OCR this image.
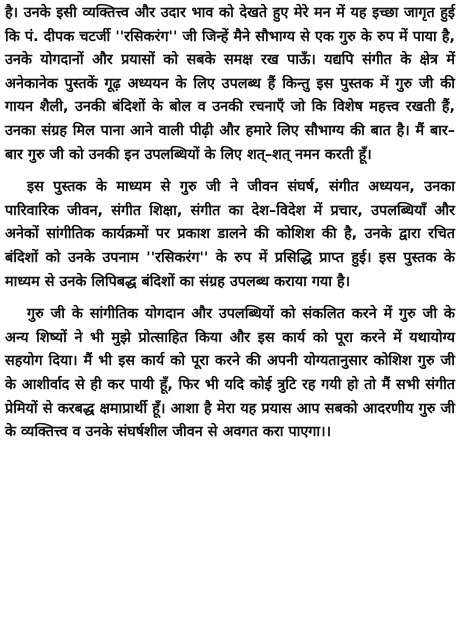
है। उनके इसी व्यक्तित्त्व और उदार भाव को देखते हुए मेरे मन में यह इच्छा जागृत हुई कि पं. दीपक चटर्जी ''रसिकरंग'' जी जिन्हें मैने सौभाग्य से एक गुरु के रुप में पाया है, उनके योगदानों और प्रयासों को सबके समक्ष रख पाऊँ। यद्यपि संगीत के क्षेत्र में अनेकानेक पुस्तकें गूढ़ अध्ययन के लिए उपलब्ध हैं किन्तु इस पुस्तक में गुरु जी की गायन शैली, उनकी बंदिशों के बोल व उनकी रचनाएँ जो कि विशेष महत्त्व रखती हैं, उनका संग्रह मिल पाना आने वाली पीढ़ी और हमारे लिए सौभाग्य की बात है। मैं बार–बार गुरु जी को उनकी इन उपलब्धियों के लिए शत्–शत् नमन करती हूँ।

इस पुस्तक के माध्यम से गुरु जी ने जीवन संघर्ष, संगीत अध्ययन, उनका पारिवारिक जीवन, संगीत शिक्षा, संगीत का देश–विदेश में प्रचार, उपलब्धियाँ और अनेकों सांगीतिक कार्यक्रमों पर प्रकाश डालने की कोशिश की है, उनके द्वारा रचित बंदिशों को उनके उपनाम ''रसिकरंग'' के रुप में प्रसिद्धि प्राप्त हुई। इस पुस्तक के माध्यम से उनके लिपिबद्ध बंदिशों का संग्रह उपलब्ध कराया गया है।

गुरु जी के सांगीतिक योगदान और उपलब्धियों को संकलित करने में गुरु जी के अन्य शिष्यों ने भी मुझे प्रोत्साहित किया और इस कार्य को पूरा करने में यथायोग्य सहयोग दिया। मैं भी इस कार्य को पूरा करने की अपनी योग्यतानुसार कोशिश गुरु जी के आशीर्वाद से ही कर पायी हूँ, फिर भी यदि कोई त्रुटि रह गयी हो तो मैं सभी संगीत प्रेमियों से करबद्ध क्षमाप्रार्थी हूँ। आशा है मेरा यह प्रयास आप सबको आदरणीय गुरु जी के व्यक्तित्त्व व उनके संघर्षशील जीवन से अवगत करा पाएगा।।
